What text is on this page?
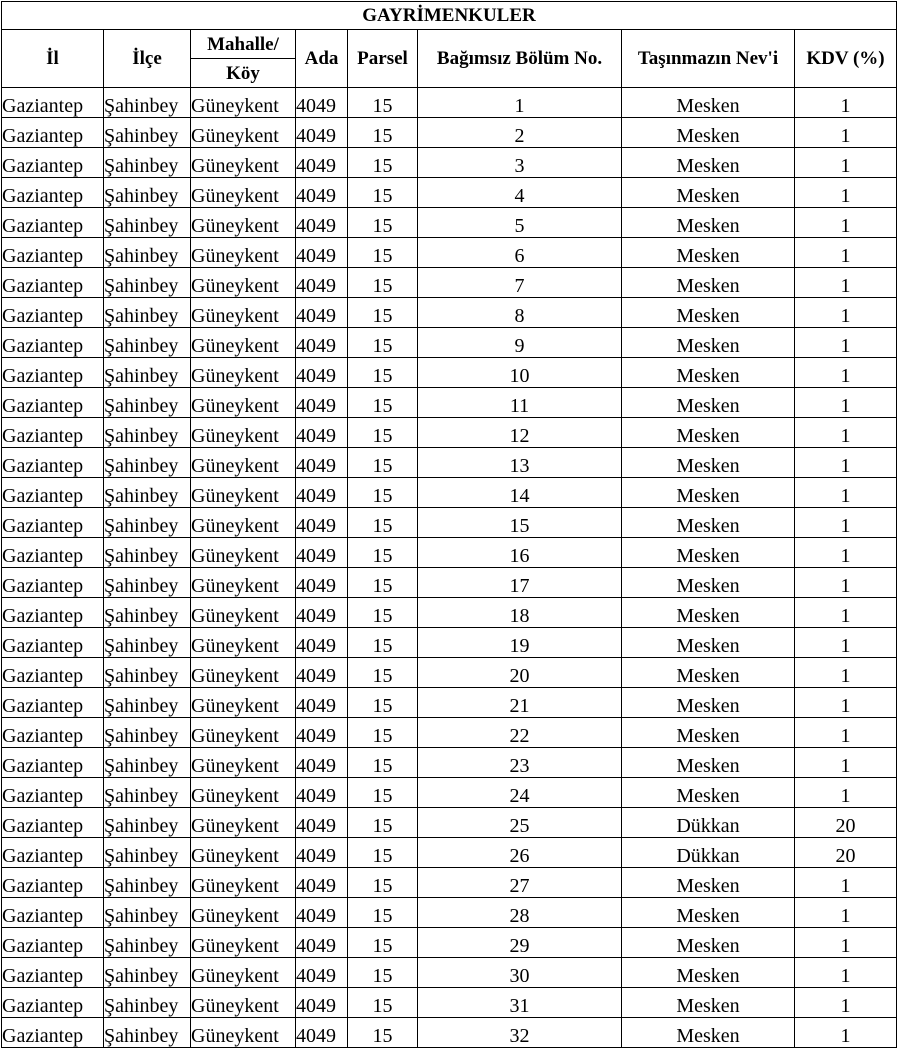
GAYRİMENKULER							
İl	İlçe	Mahalle/	Ada	Parsel	Bağımsız Bölüm No.	Taşınmazın Nev'i	KDV (%)
		Köy					
Gaziantep	Şahinbey	Güneykent	4049	15	1	Mesken	1
Gaziantep	Şahinbey	Güneykent	4049	15	2	Mesken	1
Gaziantep	Şahinbey	Güneykent	4049	15	3	Mesken	1
Gaziantep	Şahinbey	Güneykent	4049	15	4	Mesken	1
Gaziantep	Şahinbey	Güneykent	4049	15	5	Mesken	1
Gaziantep	Şahinbey	Güneykent	4049	15	6	Mesken	1
Gaziantep	Şahinbey	Güneykent	4049	15	7	Mesken	1
Gaziantep	Şahinbey	Güneykent	4049	15	8	Mesken	1
Gaziantep	Şahinbey	Güneykent	4049	15	9	Mesken	1
Gaziantep	Şahinbey	Güneykent	4049	15	10	Mesken	1
Gaziantep	Şahinbey	Güneykent	4049	15	11	Mesken	1
Gaziantep	Şahinbey	Güneykent	4049	15	12	Mesken	1
Gaziantep	Şahinbey	Güneykent	4049	15	13	Mesken	1
Gaziantep	Şahinbey	Güneykent	4049	15	14	Mesken	1
Gaziantep	Şahinbey	Güneykent	4049	15	15	Mesken	1
Gaziantep	Şahinbey	Güneykent	4049	15	16	Mesken	1
Gaziantep	Şahinbey	Güneykent	4049	15	17	Mesken	1
Gaziantep	Şahinbey	Güneykent	4049	15	18	Mesken	1
Gaziantep	Şahinbey	Güneykent	4049	15	19	Mesken	1
Gaziantep	Şahinbey	Güneykent	4049	15	20	Mesken	1
Gaziantep	Şahinbey	Güneykent	4049	15	21	Mesken	1
Gaziantep	Şahinbey	Güneykent	4049	15	22	Mesken	1
Gaziantep	Şahinbey	Güneykent	4049	15	23	Mesken	1
Gaziantep	Şahinbey	Güneykent	4049	15	24	Mesken	1
Gaziantep	Şahinbey	Güneykent	4049	15	25	Dükkan	20
Gaziantep	Şahinbey	Güneykent	4049	15	26	Dükkan	20
Gaziantep	Şahinbey	Güneykent	4049	15	27	Mesken	1
Gaziantep	Şahinbey	Güneykent	4049	15	28	Mesken	1
Gaziantep	Şahinbey	Güneykent	4049	15	29	Mesken	1
Gaziantep	Şahinbey	Güneykent	4049	15	30	Mesken	1
Gaziantep	Şahinbey	Güneykent	4049	15	31	Mesken	1
Gaziantep	Şahinbey	Güneykent	4049	15	32	Mesken	1
